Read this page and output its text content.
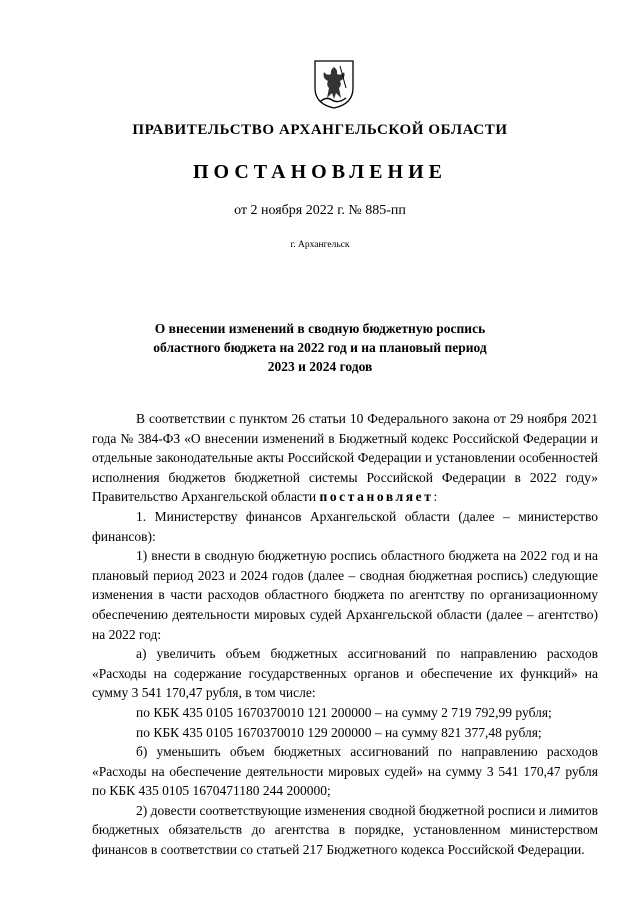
ПРАВИТЕЛЬСТВО АРХАНГЕЛЬСКОЙ ОБЛАСТИ
ПОСТАНОВЛЕНИЕ
от 2 ноября 2022 г. № 885-пп
г. Архангельск
О внесении изменений в сводную бюджетную роспись
областного бюджета на 2022 год и на плановый период
2023 и 2024 годов

В соответствии с пунктом 26 статьи 10 Федерального закона от 29 ноября 2021 года № 384-ФЗ «О внесении изменений в Бюджетный кодекс Российской Федерации и отдельные законодательные акты Российской Федерации и установлении особенностей исполнения бюджетов бюджетной системы Российской Федерации в 2022 году» Правительство Архангельской области постановляет:

1. Министерству финансов Архангельской области (далее – министерство финансов):

1) внести в сводную бюджетную роспись областного бюджета на 2022 год и на плановый период 2023 и 2024 годов (далее – сводная бюджетная роспись) следующие изменения в части расходов областного бюджета по агентству по организационному обеспечению деятельности мировых судей Архангельской области (далее – агентство) на 2022 год:

а) увеличить объем бюджетных ассигнований по направлению расходов «Расходы на содержание государственных органов и обеспечение их функций» на сумму 3 541 170,47 рубля, в том числе:

по КБК 435 0105 1670370010 121 200000 – на сумму 2 719 792,99 рубля;

по КБК 435 0105 1670370010 129 200000 – на сумму 821 377,48 рубля;

б) уменьшить объем бюджетных ассигнований по направлению расходов «Расходы на обеспечение деятельности мировых судей» на сумму 3 541 170,47 рубля по КБК 435 0105 1670471180 244 200000;

2) довести соответствующие изменения сводной бюджетной росписи и лимитов бюджетных обязательств до агентства в порядке, установленном министерством финансов в соответствии со статьей 217 Бюджетного кодекса Российской Федерации.
